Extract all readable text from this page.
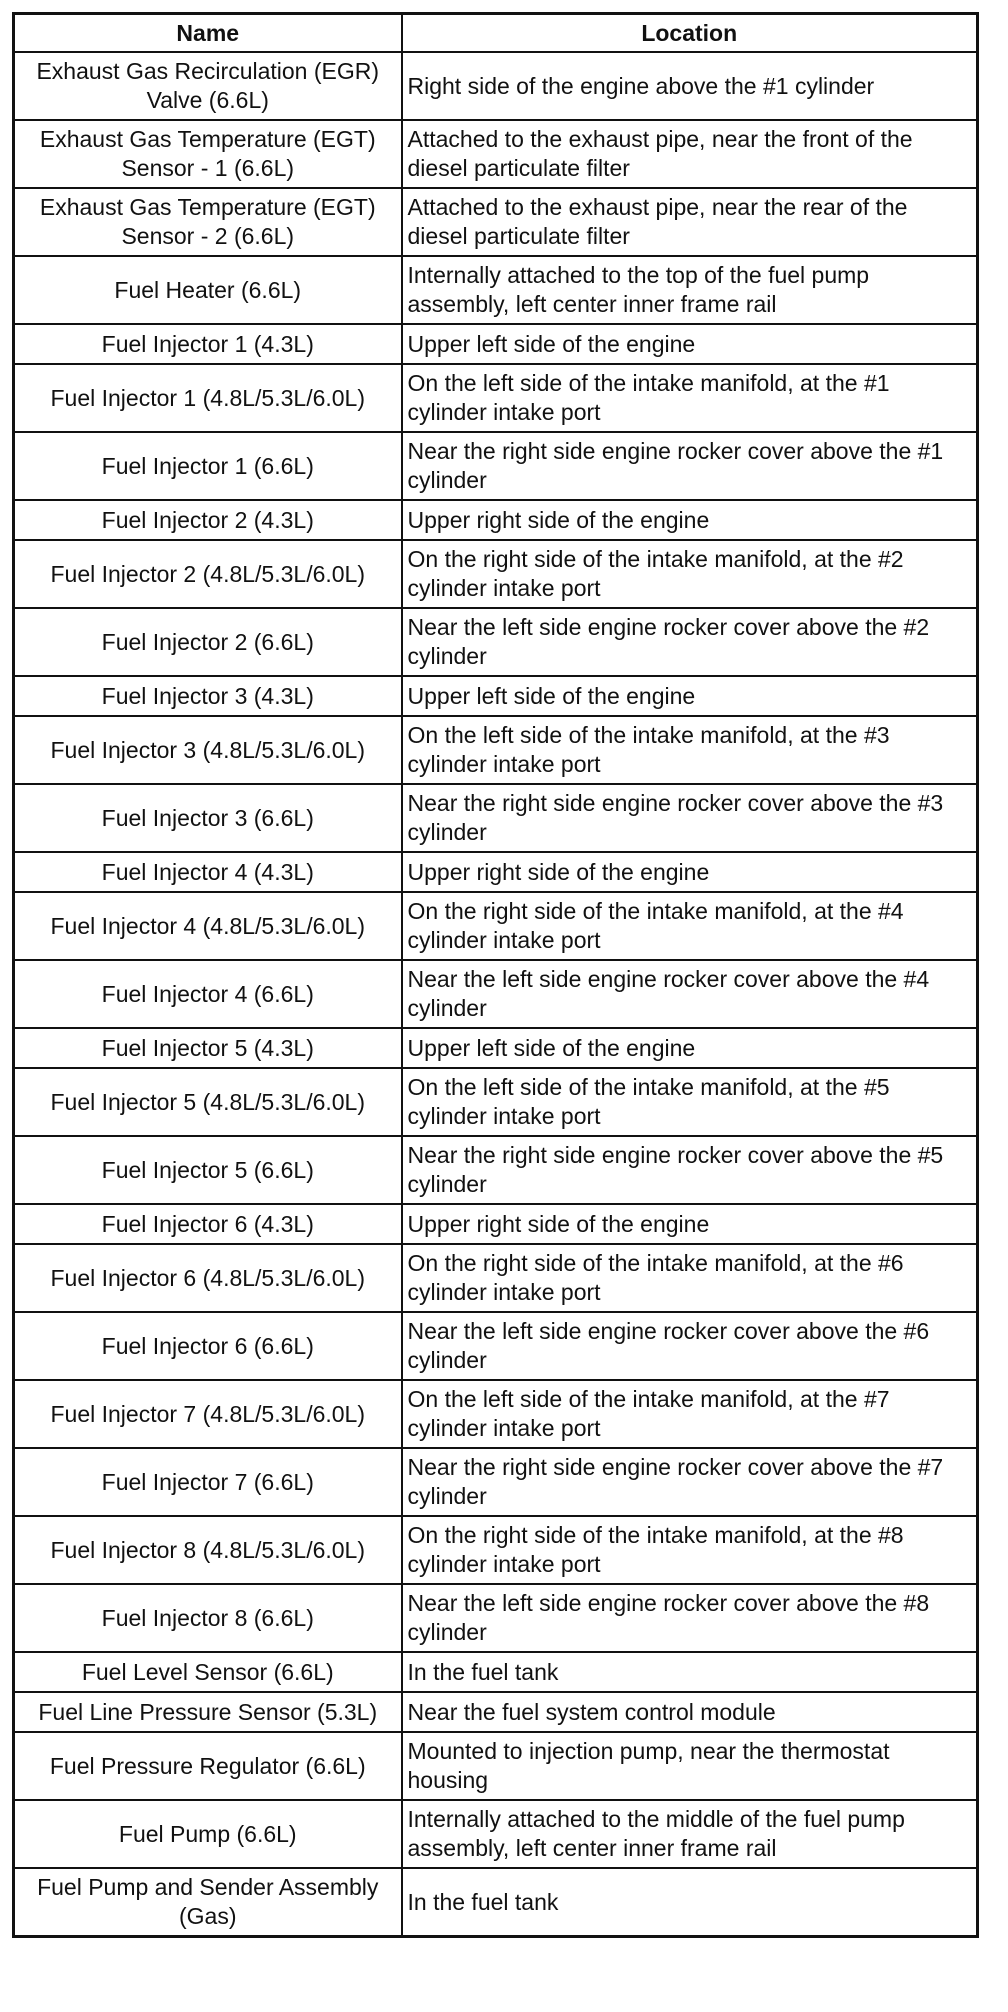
Name	Location
Exhaust Gas Recirculation (EGR) Valve (6.6L)	Right side of the engine above the #1 cylinder
Exhaust Gas Temperature (EGT) Sensor - 1 (6.6L)	Attached to the exhaust pipe, near the front of the diesel particulate filter
Exhaust Gas Temperature (EGT) Sensor - 2 (6.6L)	Attached to the exhaust pipe, near the rear of the diesel particulate filter
Fuel Heater (6.6L)	Internally attached to the top of the fuel pump assembly, left center inner frame rail
Fuel Injector 1 (4.3L)	Upper left side of the engine
Fuel Injector 1 (4.8L/5.3L/6.0L)	On the left side of the intake manifold, at the #1 cylinder intake port
Fuel Injector 1 (6.6L)	Near the right side engine rocker cover above the #1 cylinder
Fuel Injector 2 (4.3L)	Upper right side of the engine
Fuel Injector 2 (4.8L/5.3L/6.0L)	On the right side of the intake manifold, at the #2 cylinder intake port
Fuel Injector 2 (6.6L)	Near the left side engine rocker cover above the #2 cylinder
Fuel Injector 3 (4.3L)	Upper left side of the engine
Fuel Injector 3 (4.8L/5.3L/6.0L)	On the left side of the intake manifold, at the #3 cylinder intake port
Fuel Injector 3 (6.6L)	Near the right side engine rocker cover above the #3 cylinder
Fuel Injector 4 (4.3L)	Upper right side of the engine
Fuel Injector 4 (4.8L/5.3L/6.0L)	On the right side of the intake manifold, at the #4 cylinder intake port
Fuel Injector 4 (6.6L)	Near the left side engine rocker cover above the #4 cylinder
Fuel Injector 5 (4.3L)	Upper left side of the engine
Fuel Injector 5 (4.8L/5.3L/6.0L)	On the left side of the intake manifold, at the #5 cylinder intake port
Fuel Injector 5 (6.6L)	Near the right side engine rocker cover above the #5 cylinder
Fuel Injector 6 (4.3L)	Upper right side of the engine
Fuel Injector 6 (4.8L/5.3L/6.0L)	On the right side of the intake manifold, at the #6 cylinder intake port
Fuel Injector 6 (6.6L)	Near the left side engine rocker cover above the #6 cylinder
Fuel Injector 7 (4.8L/5.3L/6.0L)	On the left side of the intake manifold, at the #7 cylinder intake port
Fuel Injector 7 (6.6L)	Near the right side engine rocker cover above the #7 cylinder
Fuel Injector 8 (4.8L/5.3L/6.0L)	On the right side of the intake manifold, at the #8 cylinder intake port
Fuel Injector 8 (6.6L)	Near the left side engine rocker cover above the #8 cylinder
Fuel Level Sensor (6.6L)	In the fuel tank
Fuel Line Pressure Sensor (5.3L)	Near the fuel system control module
Fuel Pressure Regulator (6.6L)	Mounted to injection pump, near the thermostat housing
Fuel Pump (6.6L)	Internally attached to the middle of the fuel pump assembly, left center inner frame rail
Fuel Pump and Sender Assembly (Gas)	In the fuel tank
